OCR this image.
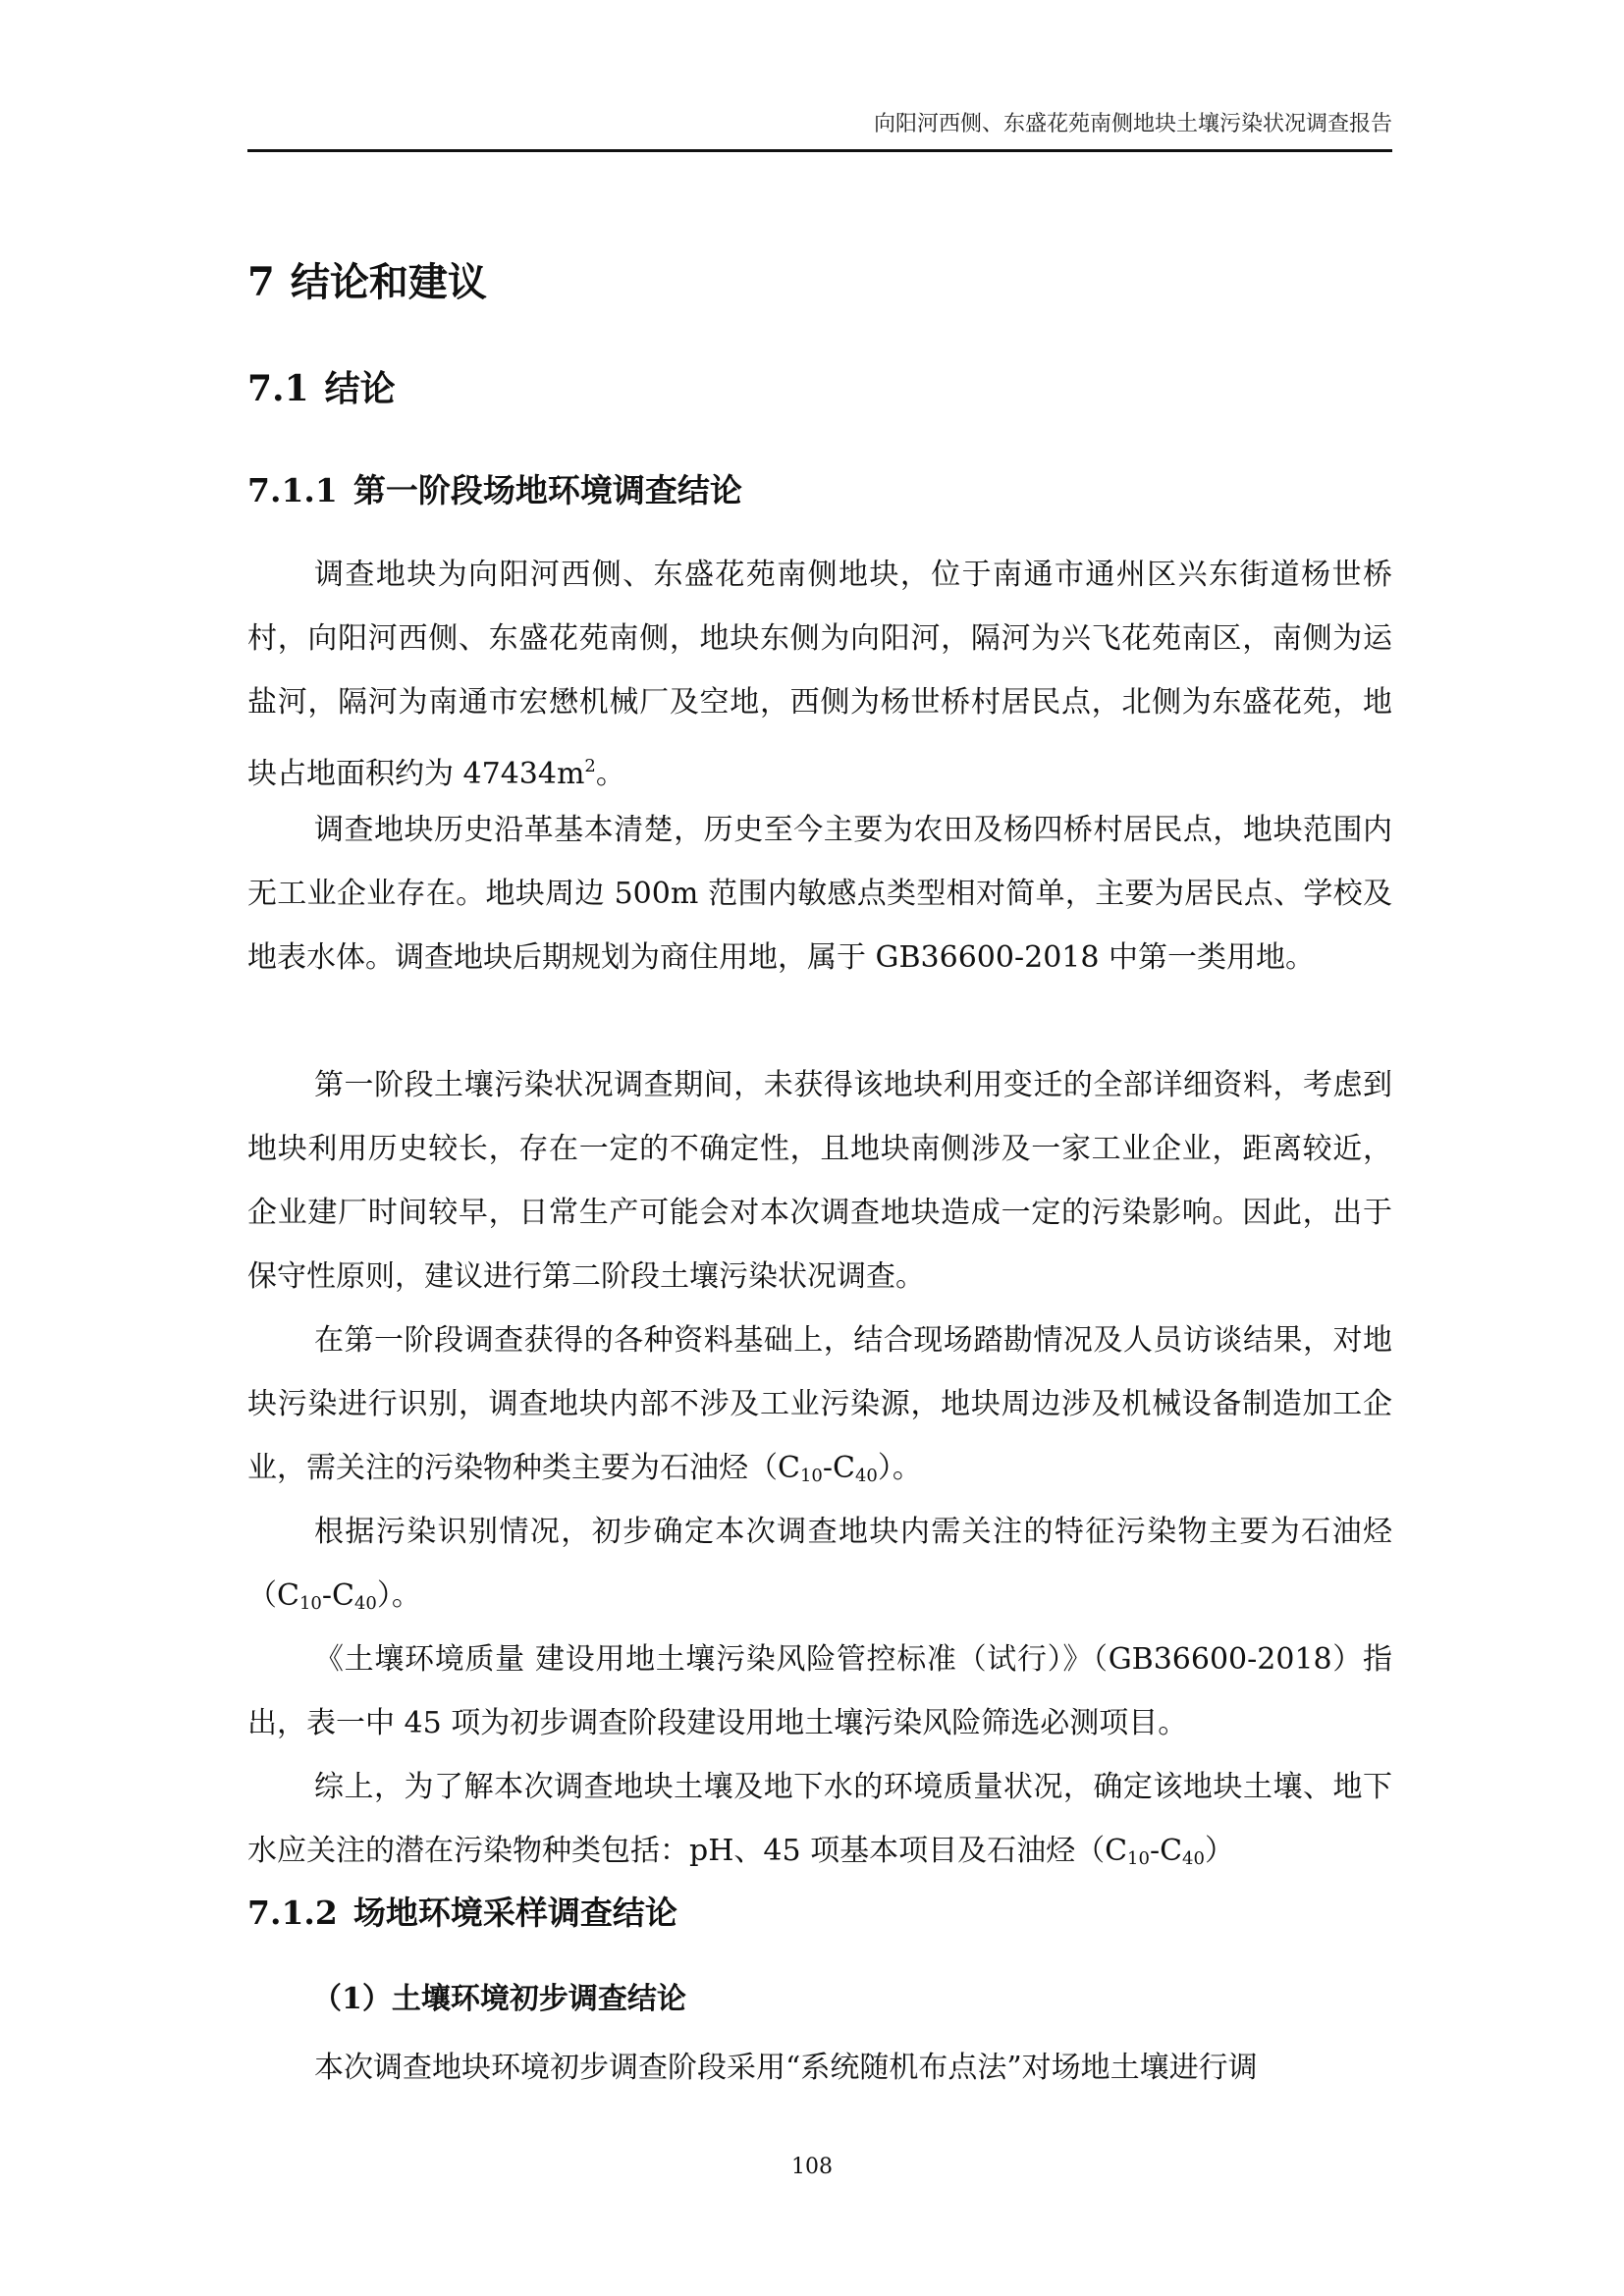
向阳河西侧、东盛花苑南侧地块土壤污染状况调查报告
7 结论和建议
7.1 结论
7.1.1 第一阶段场地环境调查结论

调查地块为向阳河西侧、东盛花苑南侧地块，位于南通市通州区兴东街道杨世桥村，向阳河西侧、东盛花苑南侧，地块东侧为向阳河，隔河为兴飞花苑南区，南侧为运盐河，隔河为南通市宏懋机械厂及空地，西侧为杨世桥村居民点，北侧为东盛花苑，地块占地面积约为 $47434m^2$。

调查地块历史沿革基本清楚，历史至今主要为农田及杨四桥村居民点，地块范围内无工业企业存在。地块周边 500m 范围内敏感点类型相对简单，主要为居民点、学校及地表水体。调查地块后期规划为商住用地，属于 GB36600-2018 中第一类用地。

第一阶段土壤污染状况调查期间，未获得该地块利用变迁的全部详细资料，考虑到地块利用历史较长，存在一定的不确定性，且地块南侧涉及一家工业企业，距离较近，企业建厂时间较早，日常生产可能会对本次调查地块造成一定的污染影响。因此，出于保守性原则，建议进行第二阶段土壤污染状况调查。

在第一阶段调查获得的各种资料基础上，结合现场踏勘情况及人员访谈结果，对地块污染进行识别，调查地块内部不涉及工业污染源，地块周边涉及机械设备制造加工企业，需关注的污染物种类主要为石油烃$(C_{10}-C_{40})$。

根据污染识别情况，初步确定本次调查地块内需关注的特征污染物主要为石油烃$(C_{10}-C_{40})$。

《土壤环境质量 建设用地土壤污染风险管控标准（试行）》（GB36600-2018）指出，表一中 45 项为初步调查阶段建设用地土壤污染风险筛选必测项目。

综上，为了解本次调查地块土壤及地下水的环境质量状况，确定该地块土壤、地下水应关注的潜在污染物种类包括：pH、45 项基本项目及石油烃$(C_{10}-C_{40})$

7.1.2 场地环境采样调查结论
（1）土壤环境初步调查结论

本次调查地块环境初步调查阶段采用“系统随机布点法”对场地土壤进行调

108
